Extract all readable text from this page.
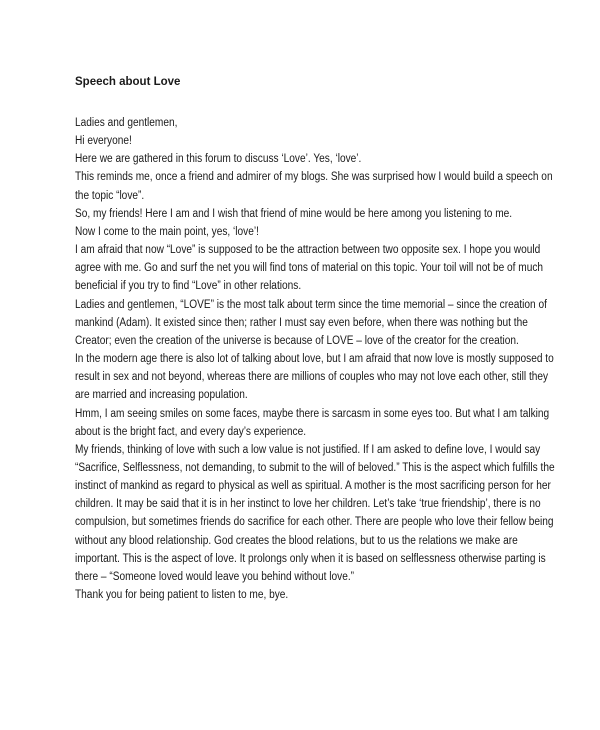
Speech about Love
Ladies and gentlemen,
Hi everyone!
Here we are gathered in this forum to discuss ‘Love’. Yes, ‘love’.
This reminds me, once a friend and admirer of my blogs. She was surprised how I would build a speech on
the topic “love”.
So, my friends! Here I am and I wish that friend of mine would be here among you listening to me.
Now I come to the main point, yes, ‘love’!
I am afraid that now “Love” is supposed to be the attraction between two opposite sex. I hope you would
agree with me. Go and surf the net you will find tons of material on this topic. Your toil will not be of much
beneficial if you try to find “Love” in other relations.
Ladies and gentlemen, “LOVE” is the most talk about term since the time memorial – since the creation of
mankind (Adam). It existed since then; rather I must say even before, when there was nothing but the
Creator; even the creation of the universe is because of LOVE – love of the creator for the creation.
In the modern age there is also lot of talking about love, but I am afraid that now love is mostly supposed to
result in sex and not beyond, whereas there are millions of couples who may not love each other, still they
are married and increasing population.
Hmm, I am seeing smiles on some faces, maybe there is sarcasm in some eyes too. But what I am talking
about is the bright fact, and every day’s experience.
My friends, thinking of love with such a low value is not justified. If I am asked to define love, I would say
“Sacrifice, Selflessness, not demanding, to submit to the will of beloved.” This is the aspect which fulfills the
instinct of mankind as regard to physical as well as spiritual. A mother is the most sacrificing person for her
children. It may be said that it is in her instinct to love her children. Let’s take ‘true friendship’, there is no
compulsion, but sometimes friends do sacrifice for each other. There are people who love their fellow being
without any blood relationship. God creates the blood relations, but to us the relations we make are
important. This is the aspect of love. It prolongs only when it is based on selflessness otherwise parting is
there – “Someone loved would leave you behind without love.”
Thank you for being patient to listen to me, bye.
